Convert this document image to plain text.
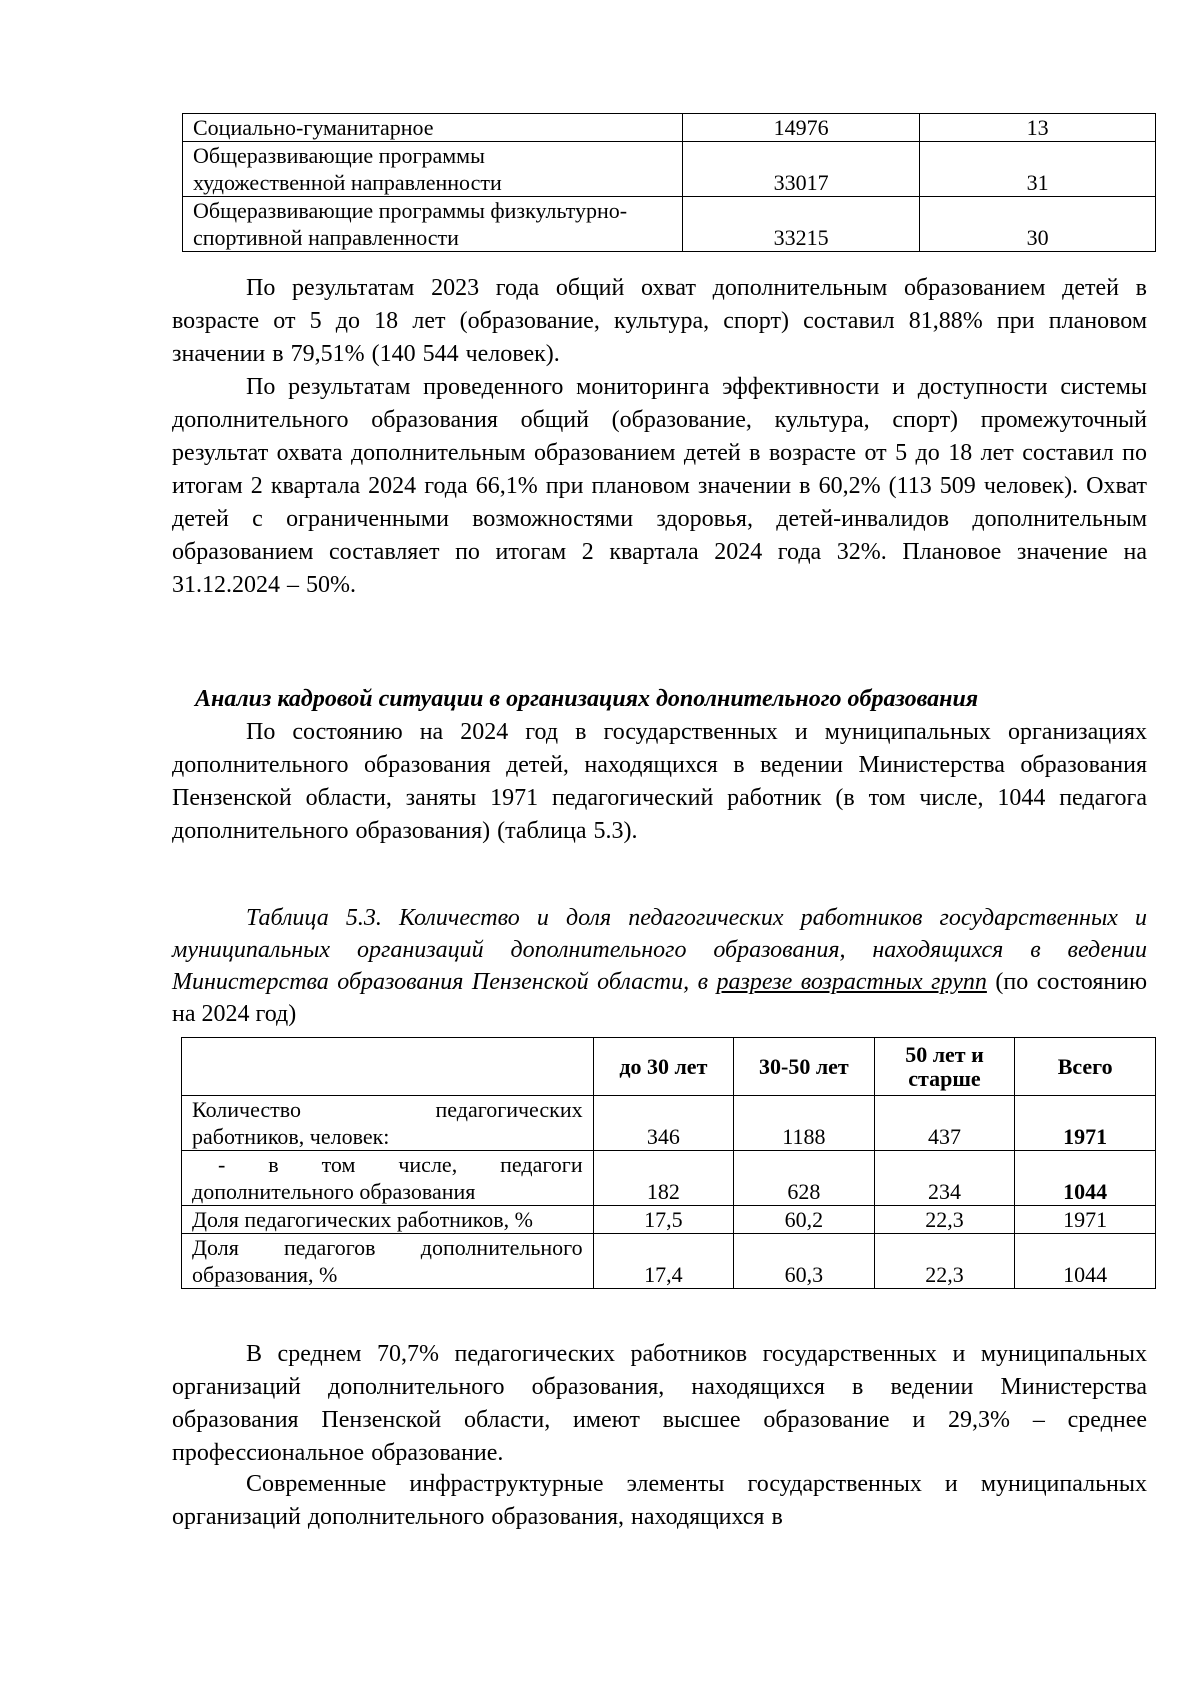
Социально-гуманитарное	14976	13

Общеразвивающие программы
художественной направленности	33017	31

Общеразвивающие программы физкультурно-
спортивной направленности	33215	30

По результатам 2023 года общий охват дополнительным образованием детей в возрасте от 5 до 18 лет (образование, культура, спорт) составил 81,88% при плановом значении в 79,51% (140 544 человек).

По результатам проведенного мониторинга эффективности и доступности системы дополнительного образования общий (образование, культура, спорт) промежуточный результат охвата дополнительным образованием детей в возрасте от 5 до 18 лет составил по итогам 2 квартала 2024 года 66,1% при плановом значении в 60,2% (113 509 человек). Охват детей с ограниченными возможностями здоровья, детей-инвалидов дополнительным образованием составляет по итогам 2 квартала 2024 года 32%. Плановое значение на 31.12.2024 – 50%.

Анализ кадровой ситуации в организациях дополнительного образования

По состоянию на 2024 год в государственных и муниципальных организациях дополнительного образования детей, находящихся в ведении Министерства образования Пензенской области, заняты 1971 педагогический работник (в том числе, 1044 педагога дополнительного образования) (таблица 5.3).

Таблица 5.3. Количество и доля педагогических работников государственных и муниципальных организаций дополнительного образования, находящихся в ведении Министерства образования Пензенской области, в разрезе возрастных групп (по состоянию на 2024 год)

	до 30 лет	30-50 лет	50 лет и
старше	Всего

Количество педагогических
работников, человек:	346	1188	437	1971

- в том числе, педагоги
дополнительного образования	182	628	234	1044
Доля педагогических работников, %	17,5	60,2	22,3	1971

Доля педагогов дополнительного
образования, %	17,4	60,3	22,3	1044

В среднем 70,7% педагогических работников государственных и муниципальных организаций дополнительного образования, находящихся в ведении Министерства образования Пензенской области, имеют высшее образование и 29,3% – среднее профессиональное образование.

Современные инфраструктурные элементы государственных и муниципальных организаций дополнительного образования, находящихся в
